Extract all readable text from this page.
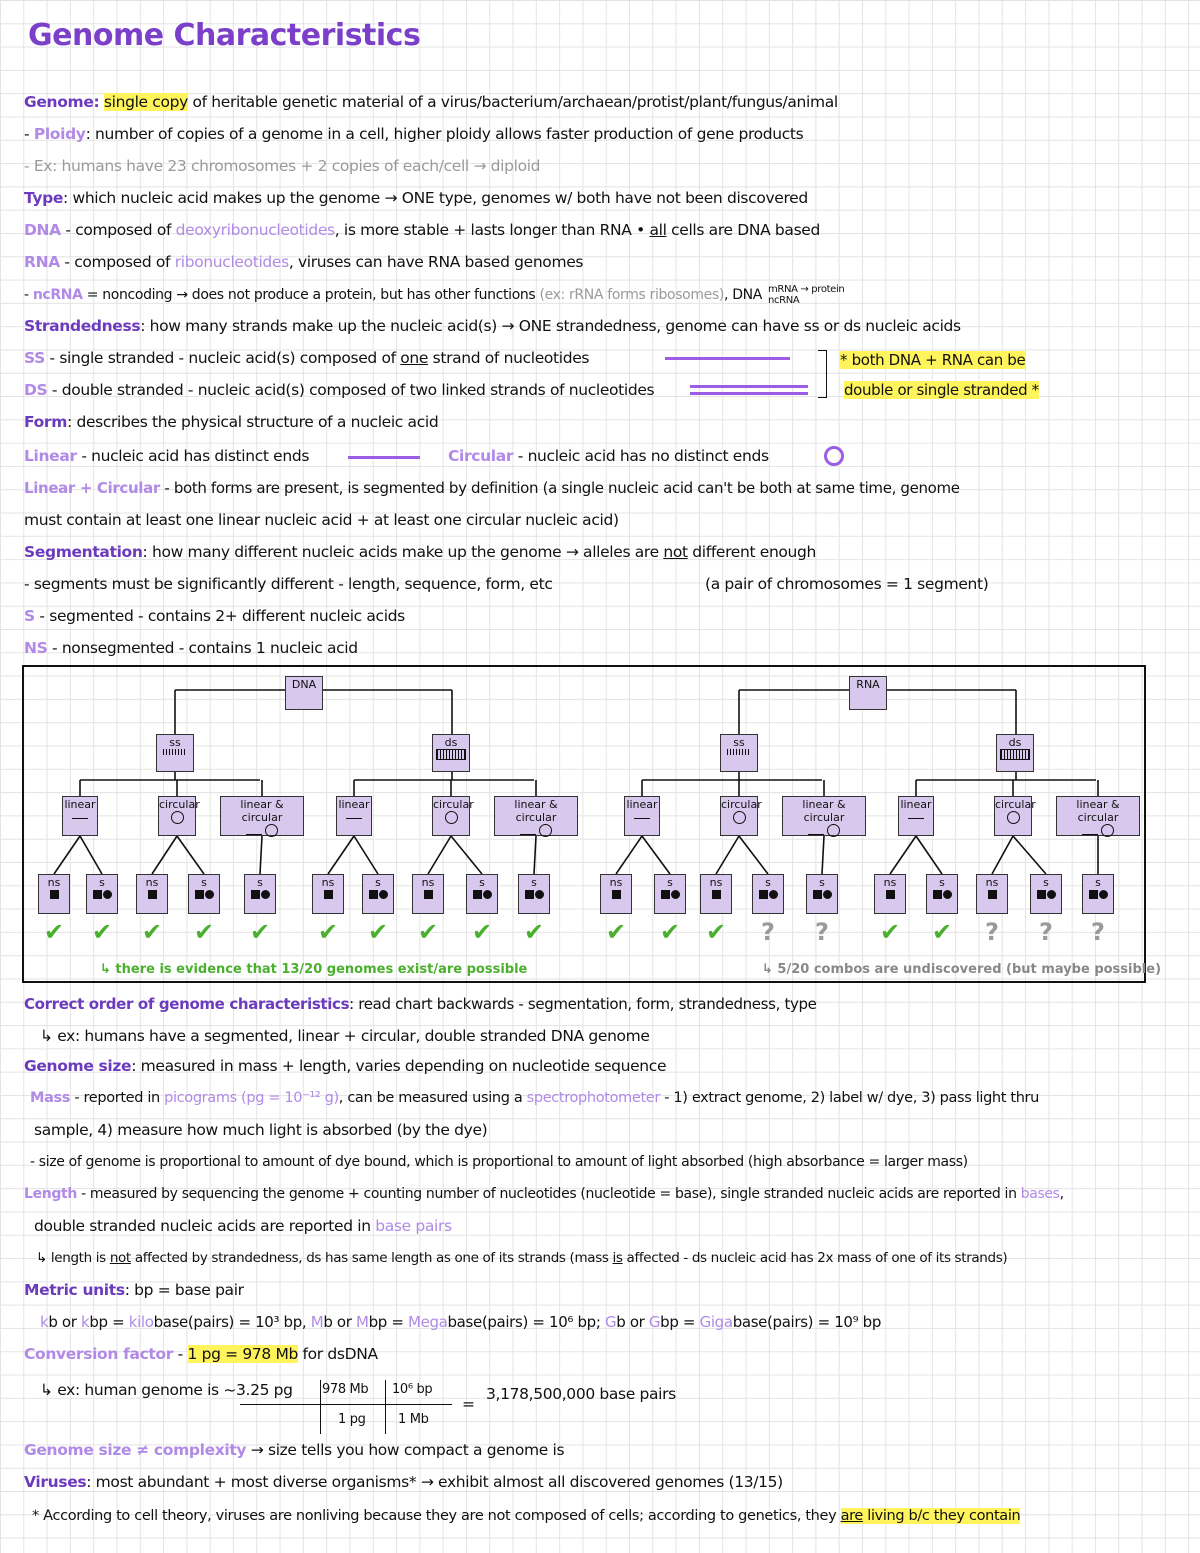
Genome Characteristics
Genome: single copy of heritable genetic material of a virus/bacterium/archaean/protist/plant/fungus/animal
- Ploidy: number of copies of a genome in a cell, higher ploidy allows faster production of gene products
- Ex: humans have 23 chromosomes + 2 copies of each/cell → diploid
Type: which nucleic acid makes up the genome → ONE type, genomes w/ both have not been discovered
DNA - composed of deoxyribonucleotides, is more stable + lasts longer than RNA • all cells are DNA based
RNA - composed of ribonucleotides, viruses can have RNA based genomes
- ncRNA = noncoding → does not produce a protein, but has other functions (ex: rRNA forms ribosomes), DNA mRNA → protein
ncRNA
Strandedness: how many strands make up the nucleic acid(s) → ONE strandedness, genome can have ss or ds nucleic acids
SS - single stranded - nucleic acid(s) composed of one strand of nucleotides
DS - double stranded - nucleic acid(s) composed of two linked strands of nucleotides
* both DNA + RNA can be
double or single stranded *
Form: describes the physical structure of a nucleic acid
Linear - nucleic acid has distinct ends	Circular - nucleic acid has no distinct ends
Linear + Circular - both forms are present, is segmented by definition (a single nucleic acid can't be both at same time, genome
must contain at least one linear nucleic acid + at least one circular nucleic acid)
Segmentation: how many different nucleic acids make up the genome → alleles are not different enough
- segments must be significantly different - length, sequence, form, etc	(a pair of chromosomes = 1 segment)
S - segmented - contains 2+ different nucleic acids
NS - nonsegmented - contains 1 nucleic acid
DNA	RNA
ss	ds	ss	ds
linear	circular	linear & circular

linear	circular	linear & circular

linear	circular	linear & circular

linear	circular	linear & circular

ns	s	ns	s	s	ns	s	ns	s	s	ns	s	ns	s	s	ns	s	ns	s	s
✔ ✔ ✔ ✔ ✔ ✔ ✔ ✔ ✔ ✔	✔ ✔ ✔	?	?	✔ ✔	?	?	?
↳ there is evidence that 13/20 genomes exist/are possible	↳ 5/20 combos are undiscovered (but maybe possible)
Correct order of genome characteristics: read chart backwards - segmentation, form, strandedness, type
↳ ex: humans have a segmented, linear + circular, double stranded DNA genome
Genome size: measured in mass + length, varies depending on nucleotide sequence
Mass - reported in picograms (pg = 10⁻¹² g), can be measured using a spectrophotometer - 1) extract genome, 2) label w/ dye, 3) pass light thru
sample, 4) measure how much light is absorbed (by the dye)
- size of genome is proportional to amount of dye bound, which is proportional to amount of light absorbed (high absorbance = larger mass)
Length - measured by sequencing the genome + counting number of nucleotides (nucleotide = base), single stranded nucleic acids are reported in bases,
double stranded nucleic acids are reported in base pairs
↳ length is not affected by strandedness, ds has same length as one of its strands (mass is affected - ds nucleic acid has 2x mass of one of its strands)
Metric units: bp = base pair
kb or kbp = kilobase(pairs) = 10³ bp, Mb or Mbp = Megabase(pairs) = 10⁶ bp; Gb or Gbp = Gigabase(pairs) = 10⁹ bp
Conversion factor - 1 pg = 978 Mb for dsDNA
↳ ex: human genome is ~3.25 pg 978 Mb 10⁶ bp
1 pg 1 Mb
=
3,178,500,000 base pairs
Genome size ≠ complexity → size tells you how compact a genome is
Viruses: most abundant + most diverse organisms* → exhibit almost all discovered genomes (13/15)
* According to cell theory, viruses are nonliving because they are not composed of cells; according to genetics, they are living b/c they contain
